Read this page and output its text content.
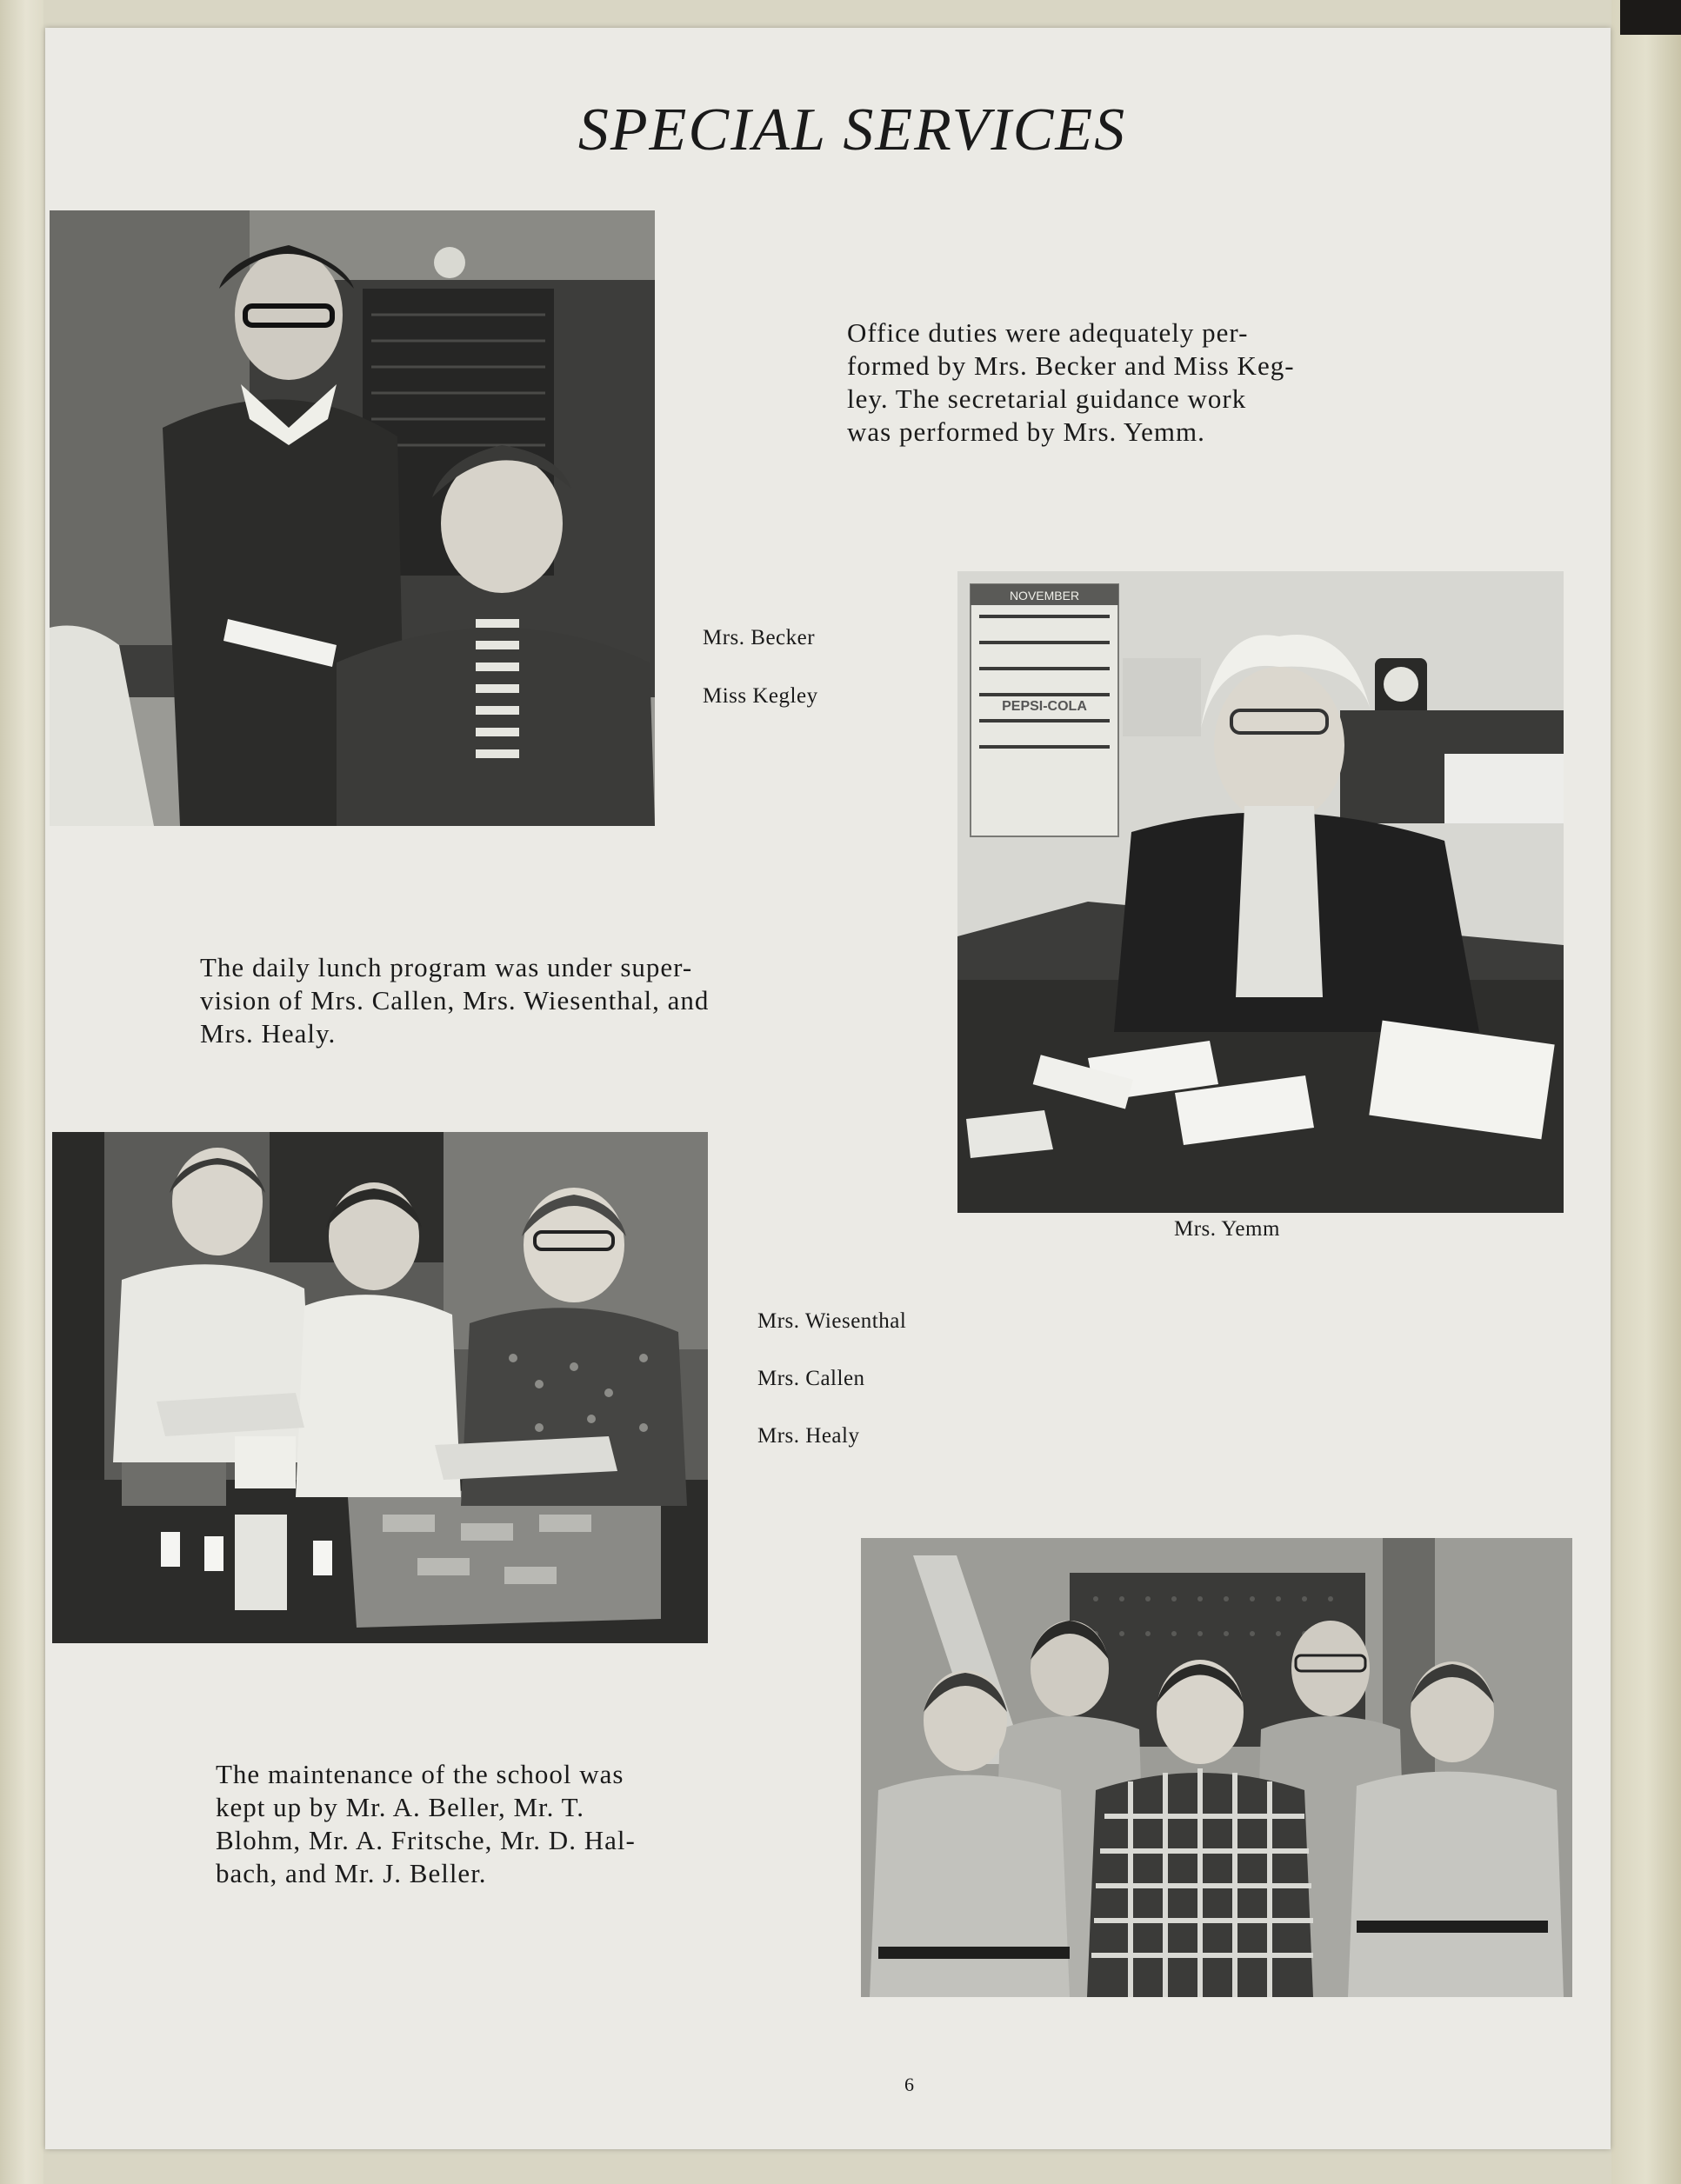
SPECIAL SERVICES

Office duties were adequately per-
formed by Mrs. Becker and Miss Keg-
ley. The secretarial guidance work
was performed by Mrs. Yemm.

Mrs. Becker

Miss Kegley

NOVEMBER
PEPSI-COLA

Mrs. Yemm

The daily lunch program was under super-
vision of Mrs. Callen, Mrs. Wiesenthal, and
Mrs. Healy.

Mrs. Wiesenthal

Mrs. Callen

Mrs. Healy

The maintenance of the school was
kept up by Mr. A. Beller, Mr. T.
Blohm, Mr. A. Fritsche, Mr. D. Hal-
bach, and Mr. J. Beller.

6
